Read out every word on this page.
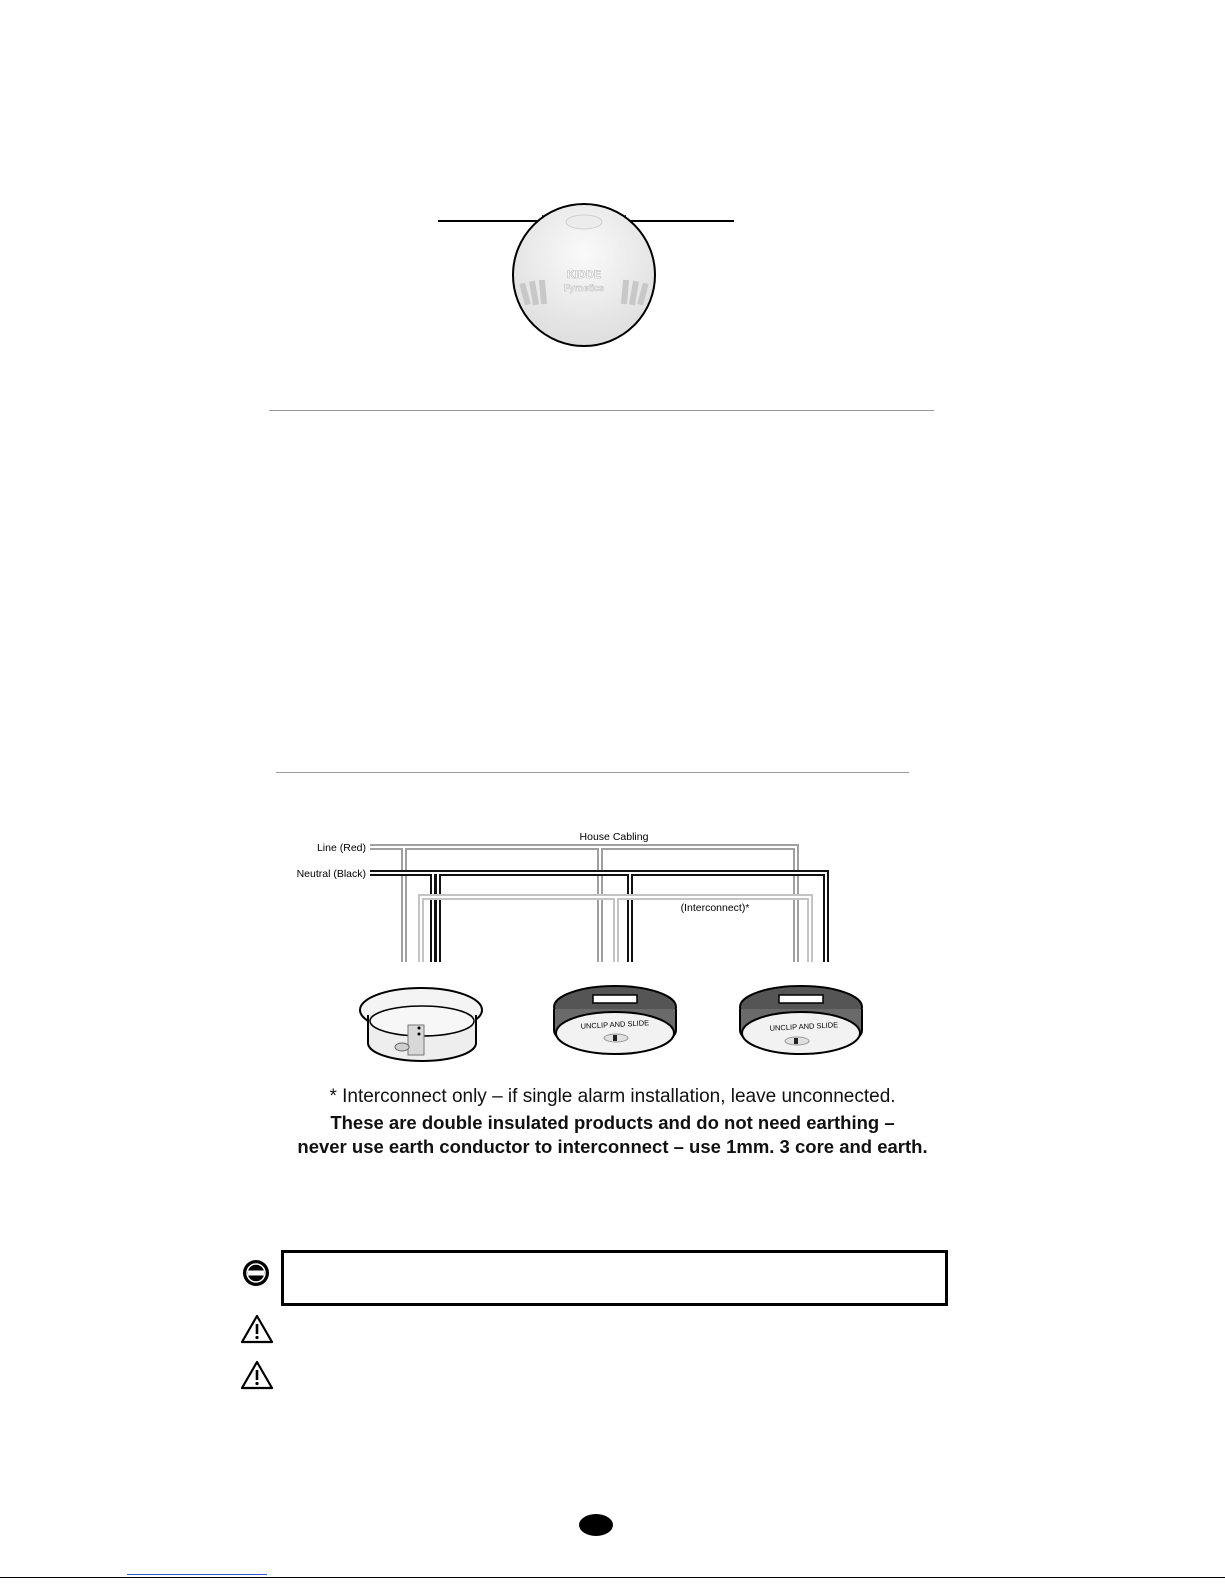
KIDDE
Fyrnetics
House Cabling
Line (Red)
Neutral (Black)
(Interconnect)*
UNCLIP AND SLIDE	UNCLIP AND SLIDE
* Interconnect only – if single alarm installation, leave unconnected.
These are double insulated products and do not need earthing –
never use earth conductor to interconnect – use 1mm. 3 core and earth.
